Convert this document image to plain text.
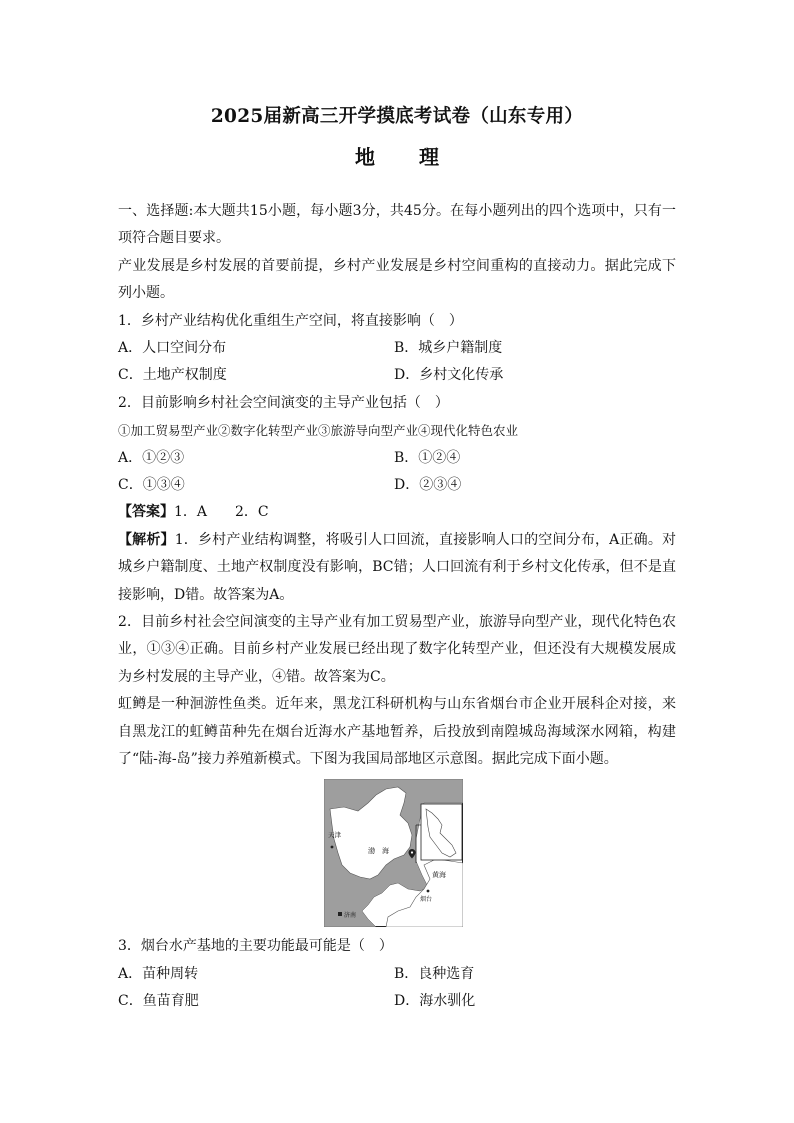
2025届新高三开学摸底考试卷（山东专用）
地理

一、选择题:本大题共15小题，每小题3分，共45分。在每小题列出的四个选项中，只有一项符合题目要求。

产业发展是乡村发展的首要前提，乡村产业发展是乡村空间重构的直接动力。据此完成下列小题。

1．乡村产业结构优化重组生产空间，将直接影响（　）

A．人口空间分布	B．城乡户籍制度
C．土地产权制度	D．乡村文化传承

2．目前影响乡村社会空间演变的主导产业包括（　）

①加工贸易型产业②数字化转型产业③旅游导向型产业④现代化特色农业

A．①②③	B．①②④
C．①③④	D．②③④

【答案】1．A　　2．C

【解析】1．乡村产业结构调整，将吸引人口回流，直接影响人口的空间分布，A正确。对城乡户籍制度、土地产权制度没有影响，BC错；人口回流有利于乡村文化传承，但不是直接影响，D错。故答案为A。

2．目前乡村社会空间演变的主导产业有加工贸易型产业，旅游导向型产业，现代化特色农业，①③④正确。目前乡村产业发展已经出现了数字化转型产业，但还没有大规模发展成为乡村发展的主导产业，④错。故答案为C。

虹鳟是一种洄游性鱼类。近年来，黑龙江科研机构与山东省烟台市企业开展科企对接，来自黑龙江的虹鳟苗种先在烟台近海水产基地暂养，后投放到南隍城岛海域深水网箱，构建了“陆-海-岛”接力养殖新模式。下图为我国局部地区示意图。据此完成下面小题。

天津
渤　海
黄海
烟台
济南

3．烟台水产基地的主要功能最可能是（　）

A．苗种周转	B．良种选育
C．鱼苗育肥	D．海水驯化
